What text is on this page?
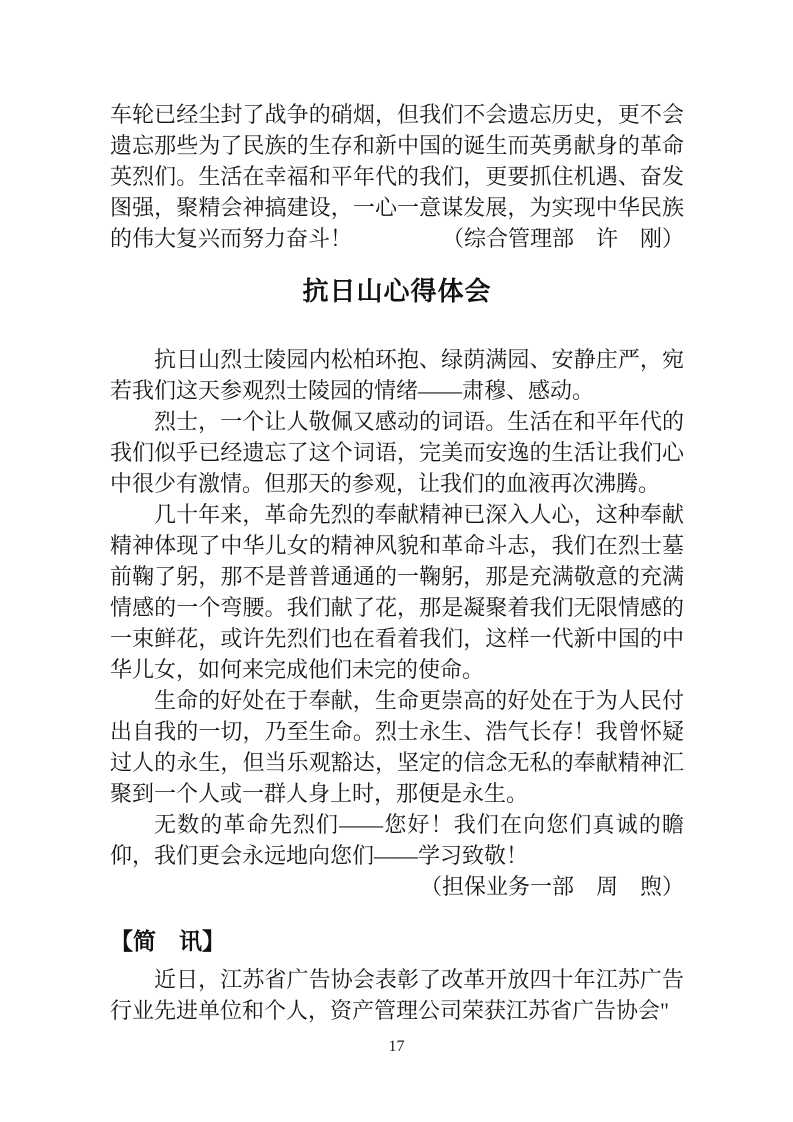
车轮已经尘封了战争的硝烟，但我们不会遗忘历史，更不会遗忘那些为了民族的生存和新中国的诞生而英勇献身的革命英烈们。生活在幸福和平年代的我们，更要抓住机遇、奋发图强，聚精会神搞建设，一心一意谋发展，为实现中华民族的伟大复兴而努力奋斗！	（综合管理部　许　刚）
抗日山心得体会

抗日山烈士陵园内松柏环抱、绿荫满园、安静庄严，宛若我们这天参观烈士陵园的情绪——肃穆、感动。

烈士，一个让人敬佩又感动的词语。生活在和平年代的我们似乎已经遗忘了这个词语，完美而安逸的生活让我们心中很少有激情。但那天的参观，让我们的血液再次沸腾。

几十年来，革命先烈的奉献精神已深入人心，这种奉献精神体现了中华儿女的精神风貌和革命斗志，我们在烈士墓前鞠了躬，那不是普普通通的一鞠躬，那是充满敬意的充满情感的一个弯腰。我们献了花，那是凝聚着我们无限情感的一束鲜花，或许先烈们也在看着我们，这样一代新中国的中华儿女，如何来完成他们未完的使命。

生命的好处在于奉献，生命更崇高的好处在于为人民付出自我的一切，乃至生命。烈士永生、浩气长存！我曾怀疑过人的永生，但当乐观豁达，坚定的信念无私的奉献精神汇聚到一个人或一群人身上时，那便是永生。

无数的革命先烈们——您好！我们在向您们真诚的瞻仰，我们更会永远地向您们——学习致敬！

（担保业务一部　周　煦）
【简　讯】

近日，江苏省广告协会表彰了改革开放四十年江苏广告行业先进单位和个人，资产管理公司荣获江苏省广告协会"

17
